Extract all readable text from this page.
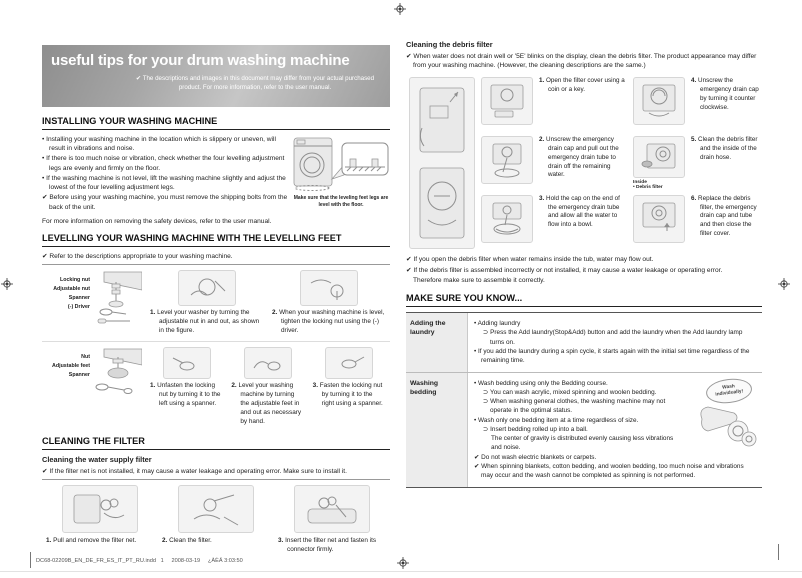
useful tips for your drum washing machine
✔ The descriptions and images in this document may differ from your actual purchased product. For more information, refer to the user manual.
INSTALLING YOUR WASHING MACHINE
• Installing your washing machine in the location which is slippery or uneven, will result in vibrations and noise.
• If there is too much noise or vibration, check whether the four levelling adjustment legs are evenly and firmly on the floor.
• If the washing machine is not level, lift the washing machine slightly and adjust the lowest of the four levelling adjustment legs.
✔ Before using your washing machine, you must remove the shipping bolts from the back of the unit.
Make sure that the leveling feet legs are level with the floor.
For more information on removing the safety devices, refer to the user manual.
LEVELLING YOUR WASHING MACHINE WITH THE LEVELLING FEET
✔ Refer to the descriptions appropriate to your washing machine.
Locking nut
Adjustable nut
Spanner
(-) Driver
1. Level your washer by turning the adjustable nut in and out, as shown in the figure.
2. When your washing machine is level, tighten the locking nut using the (-) driver.
Nut
Adjustable feet
Spanner
1. Unfasten the locking nut by turning it to the left using a spanner.
2. Level your washing machine by turning the adjustable feet in and out as necessary by hand.
3. Fasten the locking nut by turning it to the right using a spanner.
CLEANING THE FILTER
Cleaning the water supply filter
✔ If the filter net is not installed, it may cause a water leakage and operating error. Make sure to install it.
1. Pull and remove the filter net.	2. Clean the filter.	3. Insert the filter net and fasten its connector firmly.
Cleaning the debris filter
✔ When water does not drain well or '5E' blinks on the display, clean the debris filter. The product appearance may differ from your washing machine. (However, the cleaning descriptions are the same.)
1. Open the filter cover using a coin or a key.
4. Unscrew the emergency drain cap by turning it counter clockwise.
2. Unscrew the emergency drain cap and pull out the emergency drain tube to drain off the remaining water.
Inside
• Debris filter
5. Clean the debris filter and the inside of the drain hose.
3. Hold the cap on the end of the emergency drain tube and allow all the water to flow into a bowl.
6. Replace the debris filter, the emergency drain cap and tube and then close the filter cover.
✔ If you open the debris filter when water remains inside the tub, water may flow out.
✔ If the debris filter is assembled incorrectly or not installed, it may cause a water leakage or operating error.
Therefore make sure to assemble it correctly.
MAKE SURE YOU KNOW...
Adding the laundry
• Adding laundry
⊃ Press the Add laundry(Stop&Add) button and add the laundry when the Add laundry lamp turns on.
• If you add the laundry during a spin cycle, it starts again with the initial set time regardless of the remaining time.
Washing bedding
• Wash bedding using only the Bedding course.
⊃ You can wash acrylic, mixed spinning and woolen bedding.
⊃ When washing general clothes, the washing machine may not operate in the optimal status.
• Wash only one bedding item at a time regardless of size.
⊃ Insert bedding rolled up into a ball.
The center of gravity is distributed evenly causing less vibrations and noise.
✔ Do not wash electric blankets or carpets.
✔ When spinning blankets, cotton bedding, and woolen bedding, too much noise and vibrations may occur and the wash cannot be completed as spinning is not performed.
Wash individually!
DC68-02209B_EN_DE_FR_ES_IT_PT_RU.indd   1     2008-03-19     ¿ÀÈÄ 3:03:50
